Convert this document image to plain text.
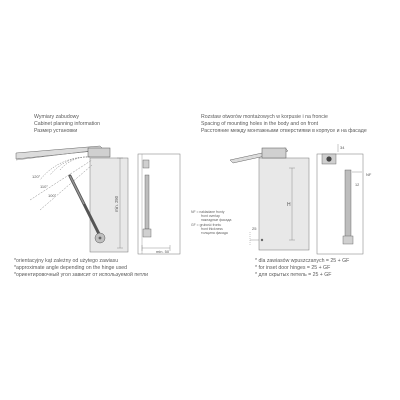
Wymiary zabudowy
Cabinet planning information
Размер установки
Rozstaw otworów montażowych w korpusie i na froncie
Spacing of mounting holes in the body and on front
Расстояние между монтажными отверстиями в корпусе и на фасаде
min. 290
120°
110°
100°
min. 50
H
25
34
NF
12
NF = nakładane fronty
front overlap
накладные фасада
GF = grubość frontu
front thickness
толщина фасада
*orientacyjny kąt zależny od użytego zawiasu
*approximate angle depending on the hinge used
*ориентировочный угол зависит от используемой петли
* dla zawiasów wpuszczanych = 25 + GF
* for inset door hinges = 25 + GF
* для скрытых петель = 25 + GF
